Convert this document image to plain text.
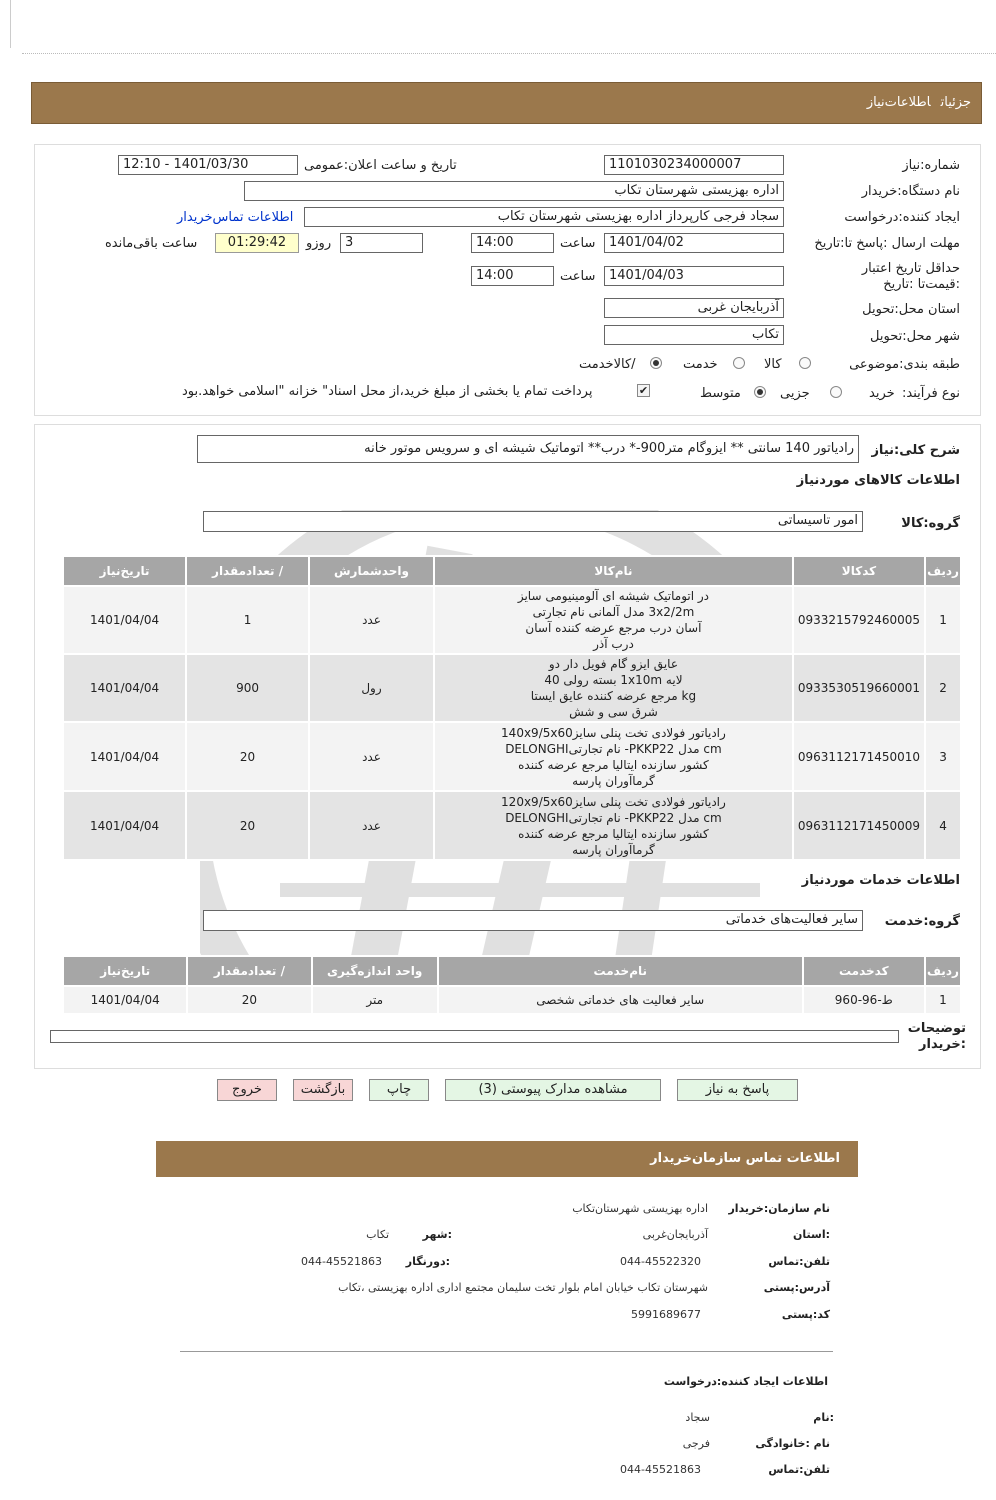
جزئیاتاطلاعات‌نیاز
شماره:نیاز
1101030234000007
تاریخ و ساعت اعلان:عمومی
1401/03/30 - 12:10
نام دستگاه:خریدار
اداره بهزیستی شهرستان تکاب
ایجاد کننده:درخواست
سجاد فرجی کارپرداز اداره بهزیستی شهرستان تکاب
اطلاعات تماس‌خریدار
مهلت ارسال :پاسخ تا:تاریخ
1401/04/02
ساعت
14:00
3
روزو
01:29:42
ساعت باقی‌مانده
حداقل تاریخ اعتبار :قیمت‌تا :تاریخ
1401/04/03
ساعت
14:00
استان محل:تحویل
آذربایجان غربی
شهر محل:تحویل
تکاب
طبقه بندی:موضوعی
کالا
خدمت
/کالاخدمت
نوع فرآیند:
خرید
جزیی
متوسط
✔
پرداخت تمام یا بخشی از مبلغ خرید،از محل اسناد" خزانه "اسلامی خواهد.بود
شرح کلی:نیاز
رادیاتور 140 سانتی ** ایزوگام متر900-* درب** اتوماتیک شیشه ای و سرویس موتور خانه
اطلاعات کالاهای موردنیاز
گروه:کالا
امور تاسیساتی
ردیف	کدکالا	نام‌کالا	واحدشمارش	/ تعدادمقدار	تاریخ‌نیاز
1	0933215792460005	در اتوماتیک شیشه ای آلومینیومی سایز
3x2/2m مدل آلمانی نام تجارتی
آسان درب مرجع عرضه کننده آسان
درب آذر	عدد	1	1401/04/04
2	0933530519660001	عایق ایزو گام فویل دار دو
لایه 1x10m بسته رولی 40
kg مرجع عرضه کننده عایق ایستا
شرق سی و شش	رول	900	1401/04/04
3	0963112171450010	رادیاتور فولادی تخت پنلی سایز140x9/5x60
cm مدل PKKP22- نام تجارتیDELONGHI
کشور سازنده ایتالیا مرجع عرضه کننده
گرماآوران پارسه	عدد	20	1401/04/04
4	0963112171450009	رادیاتور فولادی تخت پنلی سایز120x9/5x60
cm مدل PKKP22- نام تجارتیDELONGHI
کشور سازنده ایتالیا مرجع عرضه کننده
گرماآوران پارسه	عدد	20	1401/04/04
اطلاعات خدمات موردنیاز
گروه:خدمت
سایر فعالیت‌های خدماتی
ردیف	کدخدمت	نام‌خدمت	واحد اندازه‌گیری	/ تعدادمقدار	تاریخ‌نیاز
1	ط-96-960	سایر فعالیت های خدماتی شخصی	متر	20	1401/04/04
توضیحات :خریدار
پاسخ به نیاز
مشاهده مدارک پیوستی (3)
چاپ
بازگشت
خروج
اطلاعات تماس سازمان‌خریدار
نام سازمان:خریدار
اداره بهزیستی شهرستان‌تکاب
:استان
آذربایجان‌غربی
:شهر
تکاب
تلفن:تماس
044-45522320
:دورنگار
044-45521863
آدرس:پستی
شهرستان تکاب خیابان امام بلوار تخت سلیمان مجتمع اداری اداره بهزیستی ،تکاب
کد:پستی
5991689677
اطلاعات ایجاد کننده:درخواست
:نام
سجاد
نام :خانوادگی
فرجی
تلفن:تماس
044-45521863
